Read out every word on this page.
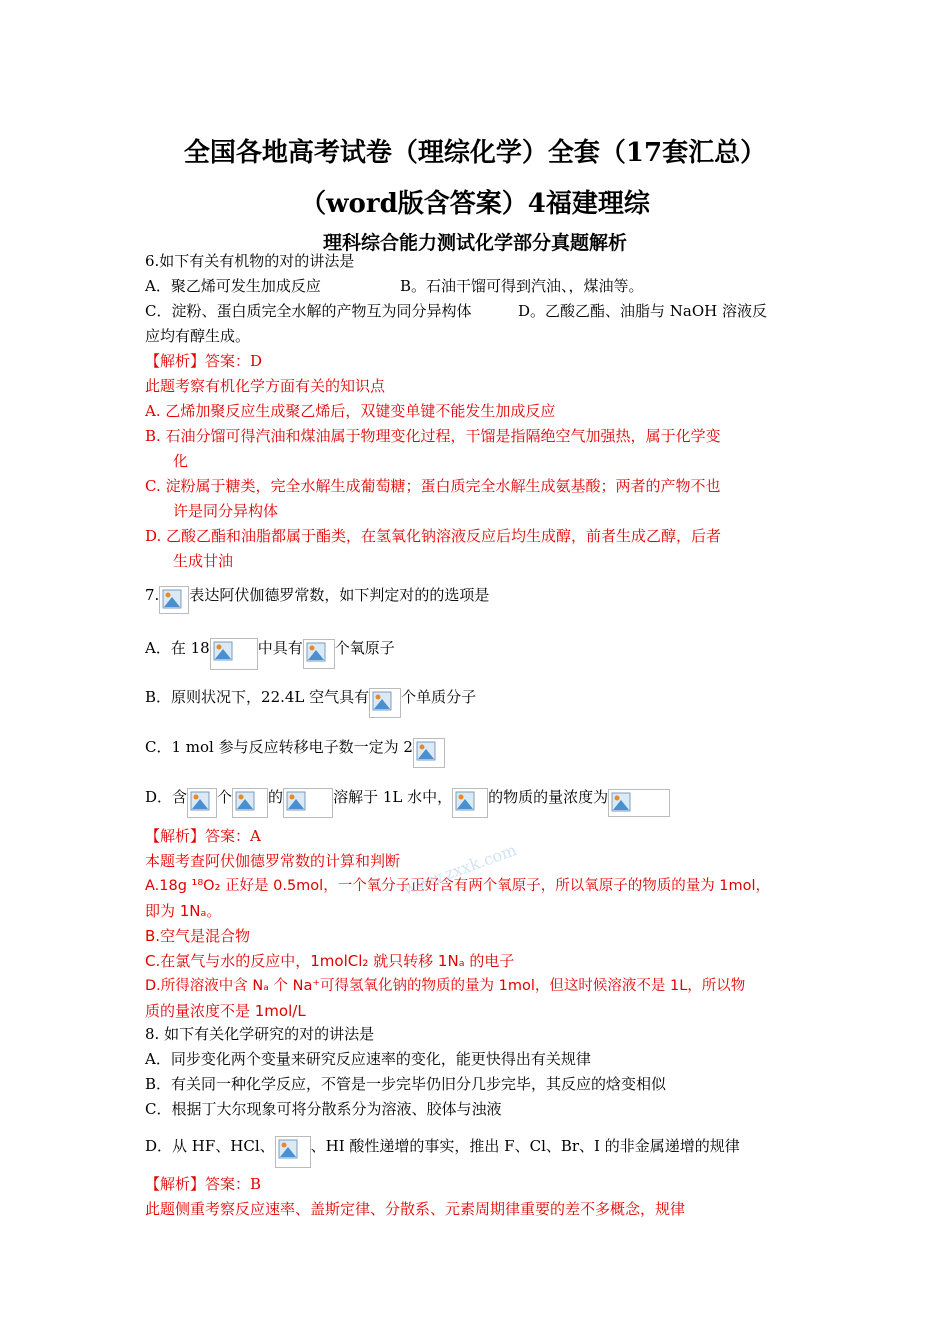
全国各地高考试卷（理综化学）全套（17套汇总）
（word版含答案）4福建理综
理科综合能力测试化学部分真题解析
6.如下有关有机物的对的讲法是
A．聚乙烯可发生加成反应	B。石油干馏可得到汽油、，煤油等。
C．淀粉、蛋白质完全水解的产物互为同分异构体	D。乙酸乙酯、油脂与 NaOH 溶液反
应均有醇生成。
【解析】答案：D
此题考察有机化学方面有关的知识点
A. 乙烯加聚反应生成聚乙烯后，双键变单键不能发生加成反应
B. 石油分馏可得汽油和煤油属于物理变化过程，干馏是指隔绝空气加强热，属于化学变
化
C. 淀粉属于糖类，完全水解生成葡萄糖；蛋白质完全水解生成氨基酸；两者的产物不也
许是同分异构体
D. 乙酸乙酯和油脂都属于酯类，在氢氧化钠溶液反应后均生成醇，前者生成乙醇，后者
生成甘油
7. 表达阿伏伽德罗常数，如下判定对的的选项是
A．在 18	中具有 个氧原子
B．原则状况下，22.4L 空气具有 个单质分子
C．1 mol 参与反应转移电子数一定为 2
D．含 个 的	溶解于 1L 水中， 的物质的量浓度为
【解析】答案：A
本题考查阿伏伽德罗常数的计算和判断
A.18g ¹⁸O₂ 正好是 0.5mol，一个氧分子正好含有两个氧原子，所以氧原子的物质的量为 1mol，
即为 1Nₐ。
B.空气是混合物
C.在氯气与水的反应中，1molCl₂ 就只转移 1Nₐ 的电子
D.所得溶液中含 Nₐ 个 Na⁺可得氢氧化钠的物质的量为 1mol，但这时候溶液不是 1L，所以物
质的量浓度不是 1mol/L
www.zxxk.com
8. 如下有关化学研究的对的讲法是
A．同步变化两个变量来研究反应速率的变化，能更快得出有关规律
B．有关同一种化学反应，不管是一步完毕仍旧分几步完毕，其反应的焓变相似
C．根据丁大尔现象可将分散系分为溶液、胶体与浊液
D．从 HF、HCl、 、HI 酸性递增的事实，推出 F、Cl、Br、I 的非金属递增的规律
【解析】答案：B
此题侧重考察反应速率、盖斯定律、分散系、元素周期律重要的差不多概念，规律
